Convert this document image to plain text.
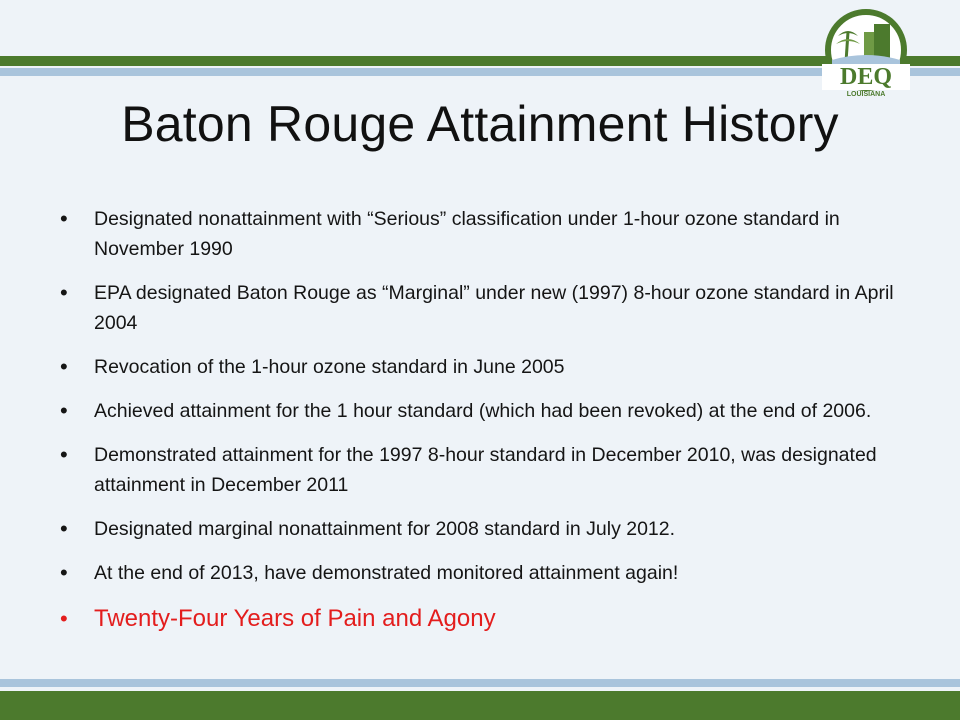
DEQ
LOUISIANA
Baton Rouge Attainment History
• Designated nonattainment with “Serious” classification under 1-hour ozone standard in November 1990
• EPA designated Baton Rouge as “Marginal” under new (1997) 8-hour ozone standard in April 2004
• Revocation of the 1-hour ozone standard in June 2005
• Achieved attainment for the 1 hour standard (which had been revoked) at the end of 2006.
• Demonstrated attainment for the 1997 8-hour standard in December 2010, was designated attainment in December 2011
• Designated marginal nonattainment for 2008 standard in July 2012.
• At the end of 2013, have demonstrated monitored attainment again!
• Twenty-Four Years of Pain and Agony
